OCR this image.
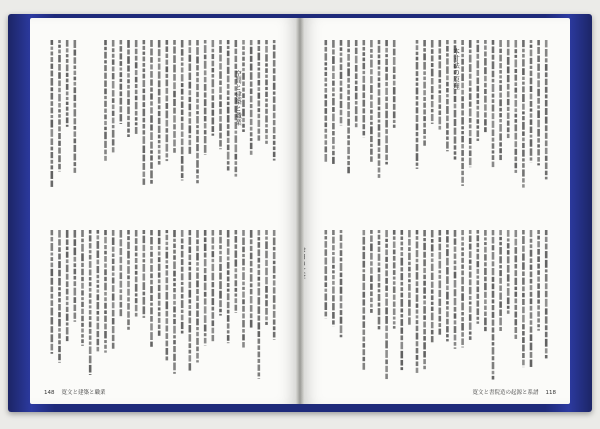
空間と建築と職業
148 寛文と建築と職業
本寸法の原理
寛文と書院造の起源と系譜 118
